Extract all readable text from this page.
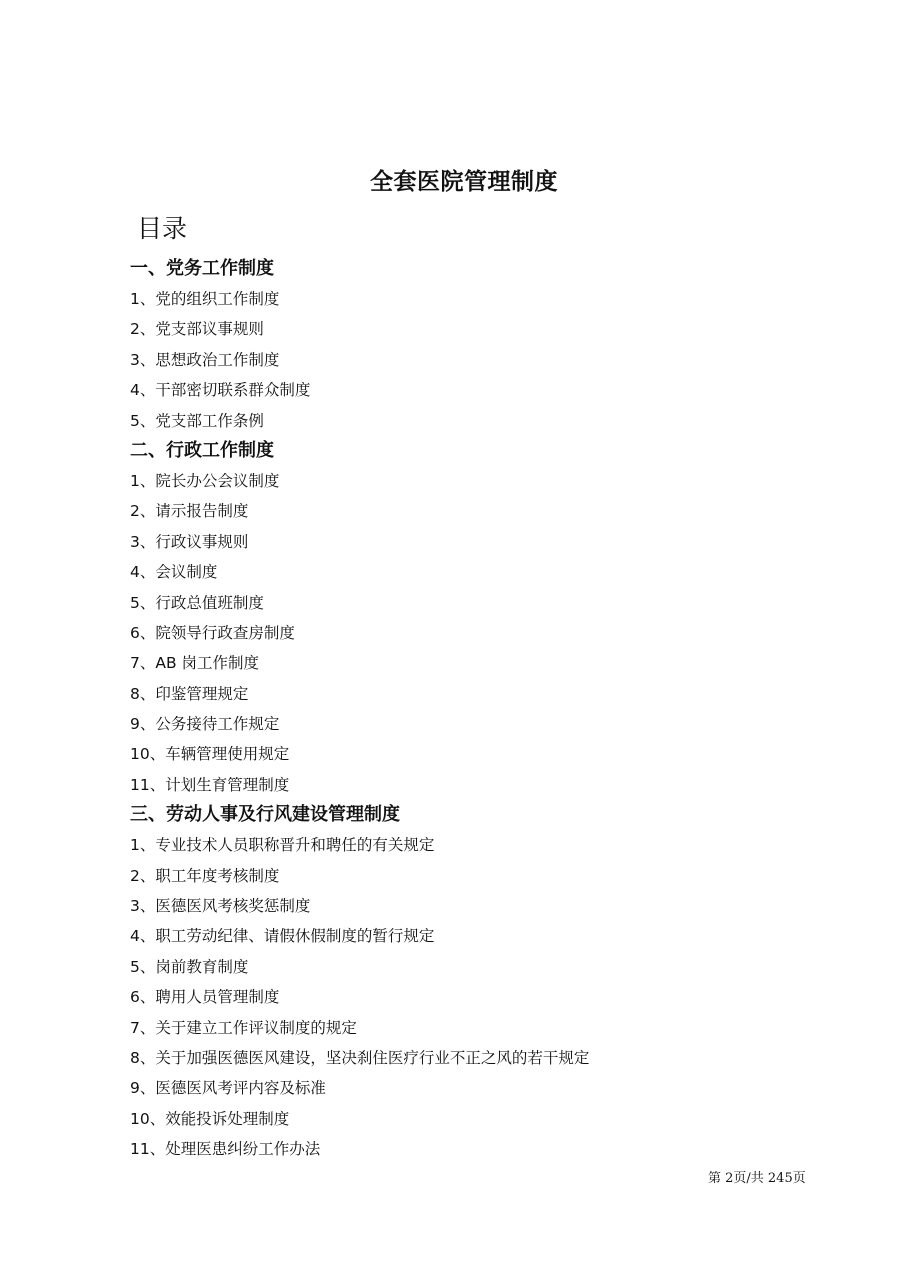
全套医院管理制度
目录
一、党务工作制度
1、党的组织工作制度
2、党支部议事规则
3、思想政治工作制度
4、干部密切联系群众制度
5、党支部工作条例
二、行政工作制度
1、院长办公会议制度
2、请示报告制度
3、行政议事规则
4、会议制度
5、行政总值班制度
6、院领导行政查房制度
7、AB 岗工作制度
8、印鉴管理规定
9、公务接待工作规定
10、车辆管理使用规定
11、计划生育管理制度
三、劳动人事及行风建设管理制度
1、专业技术人员职称晋升和聘任的有关规定
2、职工年度考核制度
3、医德医风考核奖惩制度
4、职工劳动纪律、请假休假制度的暂行规定
5、岗前教育制度
6、聘用人员管理制度
7、关于建立工作评议制度的规定
8、关于加强医德医风建设，坚决刹住医疗行业不正之风的若干规定
9、医德医风考评内容及标准
10、效能投诉处理制度
11、处理医患纠纷工作办法
第 2页/共 245页
